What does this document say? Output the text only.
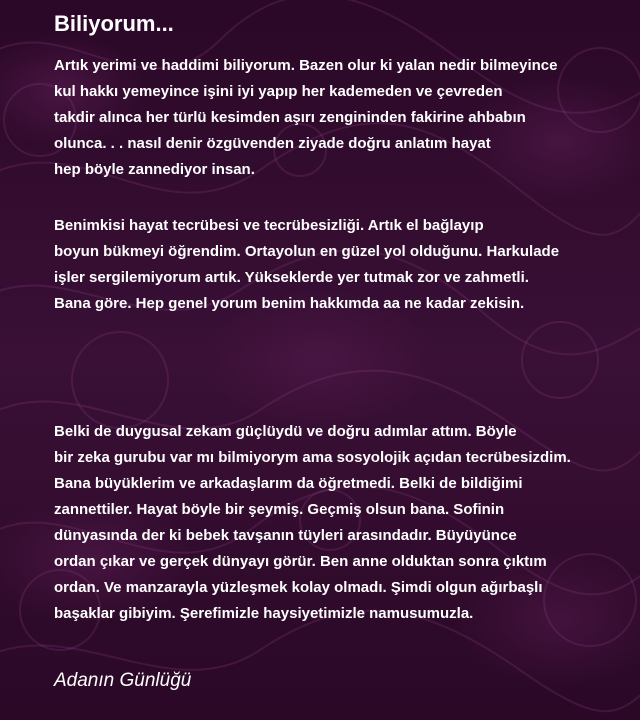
Biliyorum...
Artık yerimi ve haddimi biliyorum. Bazen olur ki yalan nedir bilmeyince
kul hakkı yemeyince işini iyi yapıp her kademeden ve çevreden
takdir alınca her türlü kesimden aşırı zengininden fakirine ahbabın
olunca. . . nasıl denir özgüvenden ziyade doğru anlatım hayat
hep böyle zannediyor insan.
Benimkisi hayat tecrübesi ve tecrübesizliği. Artık el bağlayıp
boyun bükmeyi öğrendim. Ortayolun en güzel yol olduğunu. Harkulade
işler sergilemiyorum artık. Yükseklerde yer tutmak zor ve zahmetli.
Bana göre. Hep genel yorum benim hakkımda aa ne kadar zekisin.
Belki de duygusal zekam güçlüydü ve doğru adımlar attım. Böyle
bir zeka gurubu var mı bilmiyorym ama sosyolojik açıdan tecrübesizdim.
Bana büyüklerim ve arkadaşlarım da öğretmedi. Belki de bildiğimi
zannettiler. Hayat böyle bir şeymiş. Geçmiş olsun bana. Sofinin
dünyasında der ki bebek tavşanın tüyleri arasındadır. Büyüyünce
ordan çıkar ve gerçek dünyayı görür. Ben anne olduktan sonra çıktım
ordan. Ve manzarayla yüzleşmek kolay olmadı. Şimdi olgun ağırbaşlı
başaklar gibiyim. Şerefimizle haysiyetimizle namusumuzla.
Adanın Günlüğü
